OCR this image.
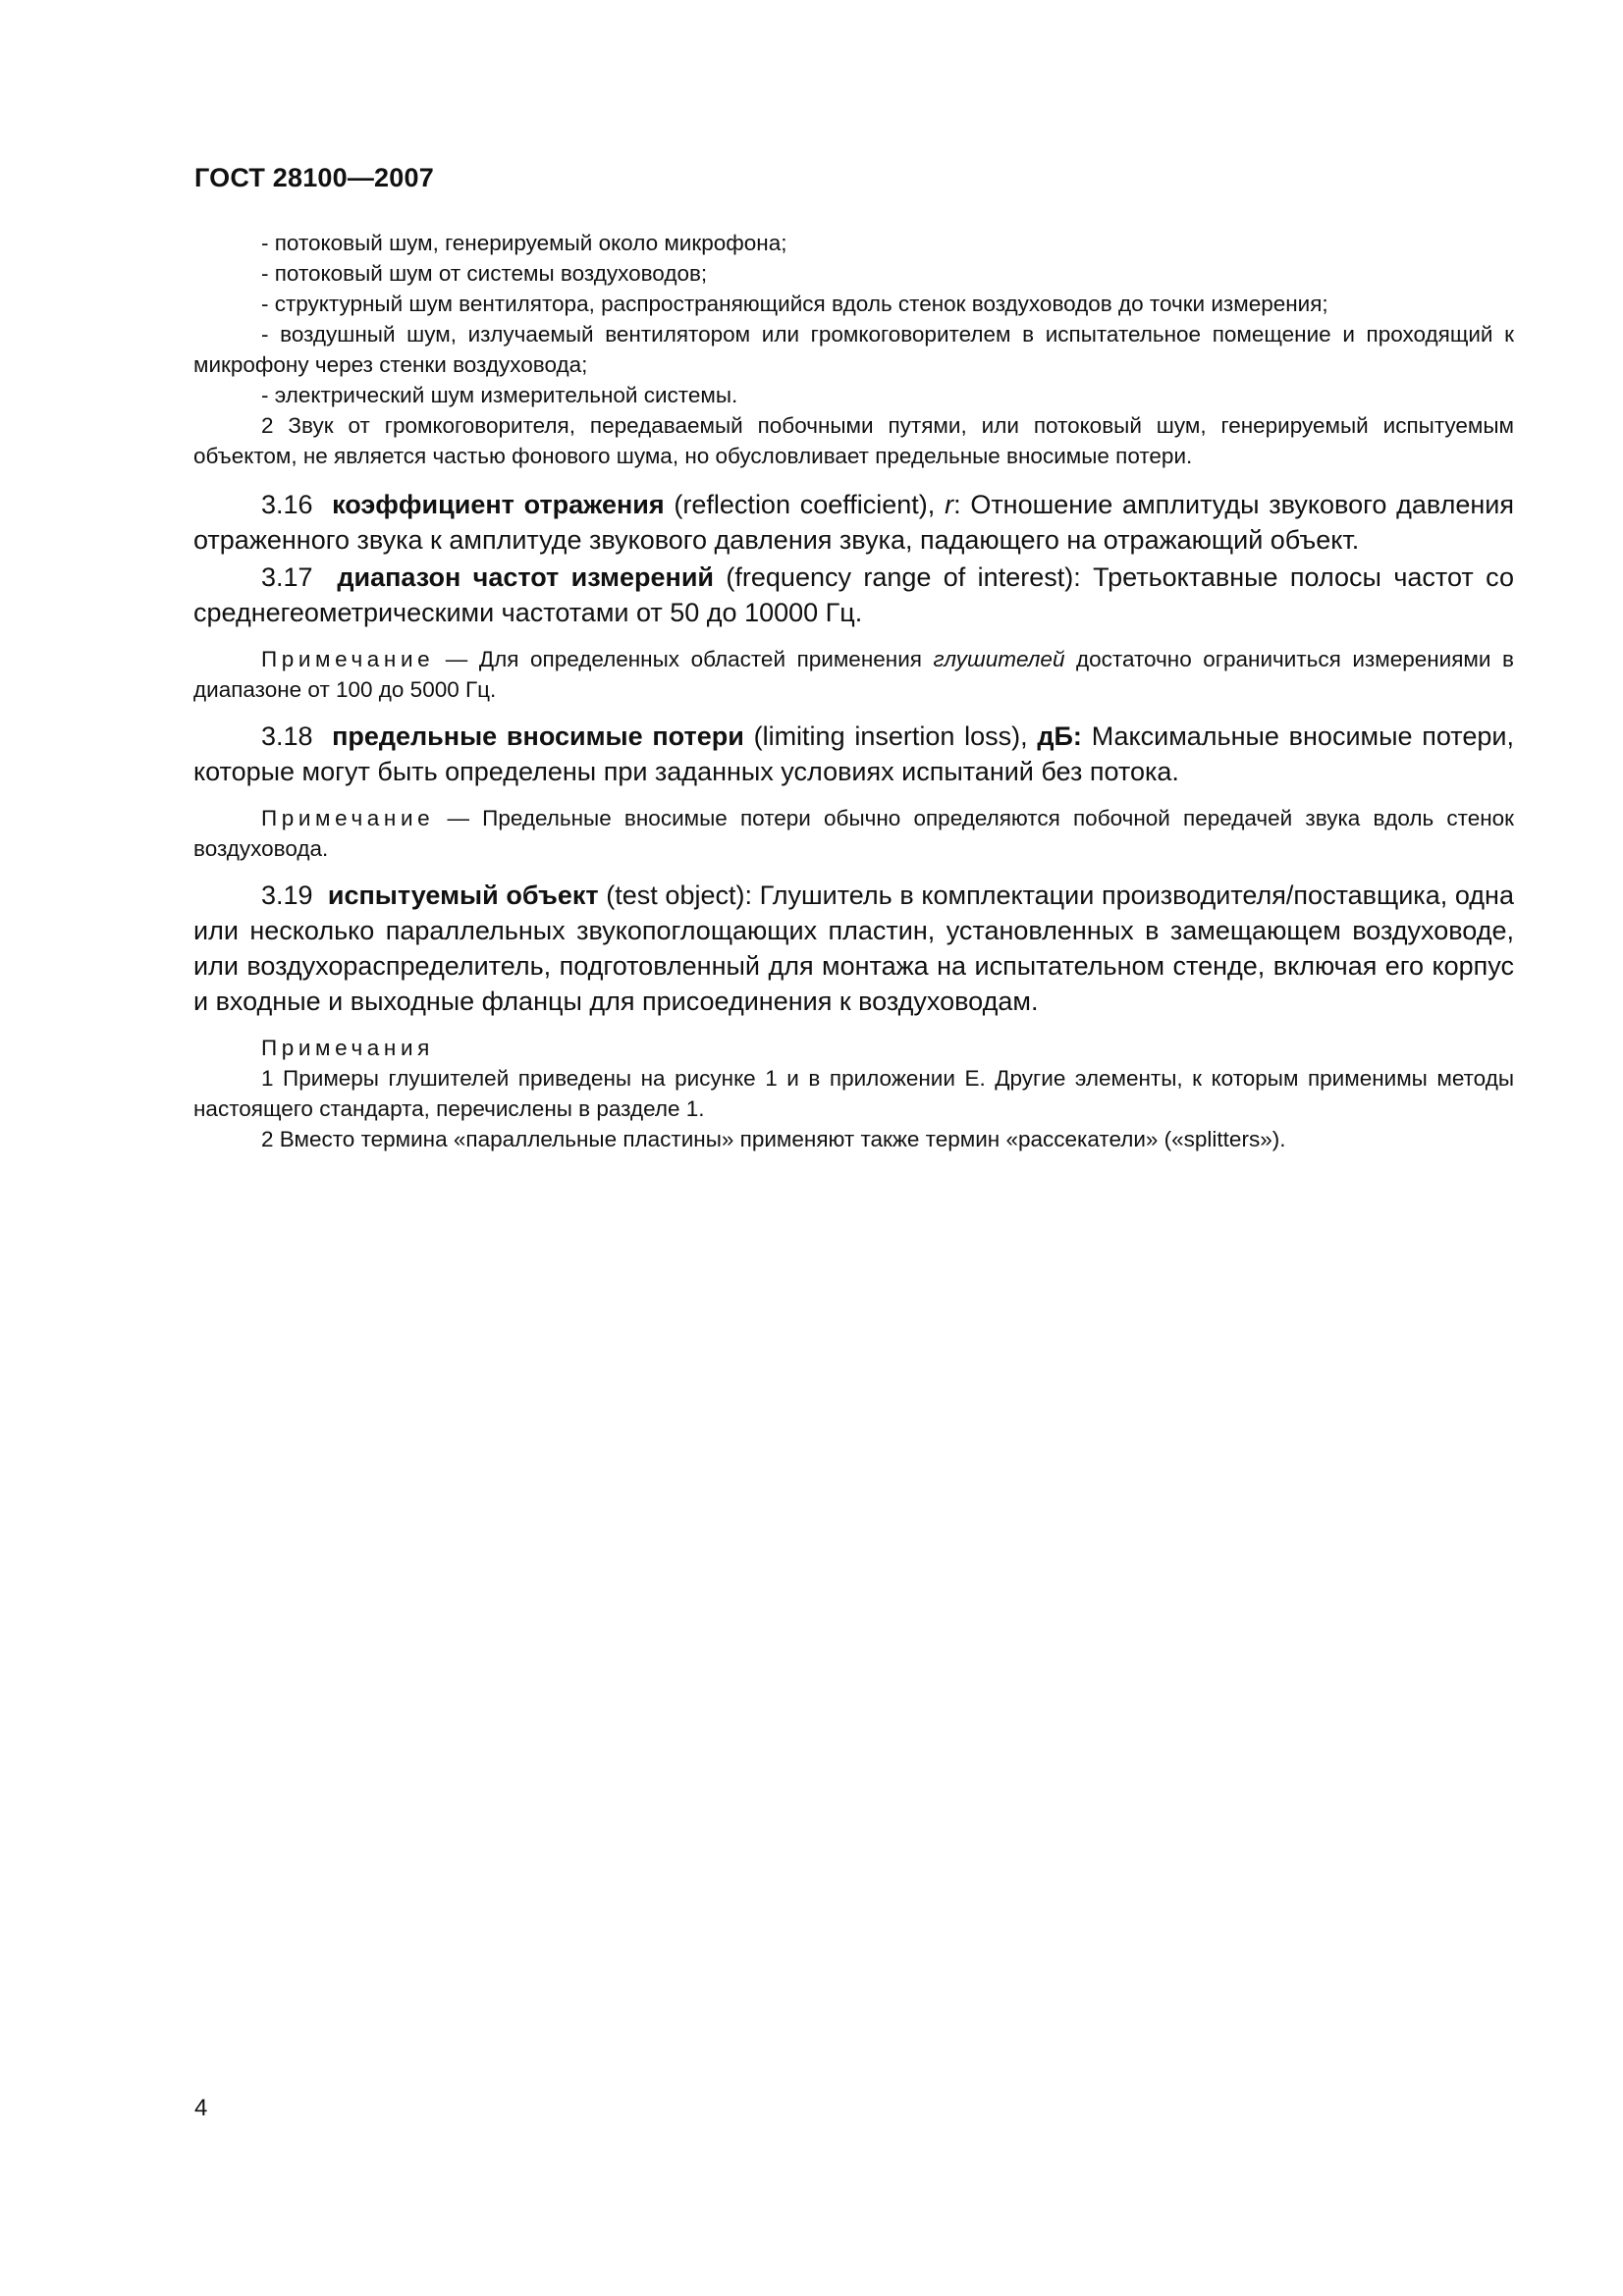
ГОСТ 28100—2007

- потоковый шум, генерируемый около микрофона;

- потоковый шум от системы воздуховодов;

- структурный шум вентилятора, распространяющийся вдоль стенок воздуховодов до точки измерения;

- воздушный шум, излучаемый вентилятором или громкоговорителем в испытательное помещение и проходящий к микрофону через стенки воздуховода;

- электрический шум измерительной системы.

2 Звук от громкоговорителя, передаваемый побочными путями, или потоковый шум, генерируемый испытуемым объектом, не является частью фонового шума, но обусловливает предельные вносимые потери.

3.16 коэффициент отражения (reflection coefficient), r: Отношение амплитуды звукового давления отраженного звука к амплитуде звукового давления звука, падающего на отражающий объект.

3.17 диапазон частот измерений (frequency range of interest): Третьоктавные полосы частот со среднегеометрическими частотами от 50 до 10000 Гц.

Примечание — Для определенных областей применения глушителей достаточно ограничиться измерениями в диапазоне от 100 до 5000 Гц.

3.18 предельные вносимые потери (limiting insertion loss), дБ: Максимальные вносимые потери, которые могут быть определены при заданных условиях испытаний без потока.

Примечание — Предельные вносимые потери обычно определяются побочной передачей звука вдоль стенок воздуховода.

3.19 испытуемый объект (test object): Глушитель в комплектации производителя/поставщика, одна или несколько параллельных звукопоглощающих пластин, установленных в замещающем воздуховоде, или воздухораспределитель, подготовленный для монтажа на испытательном стенде, включая его корпус и входные и выходные фланцы для присоединения к воздуховодам.

Примечания

1 Примеры глушителей приведены на рисунке 1 и в приложении Е. Другие элементы, к которым применимы методы настоящего стандарта, перечислены в разделе 1.

2 Вместо термина «параллельные пластины» применяют также термин «рассекатели» («splitters»).

4
